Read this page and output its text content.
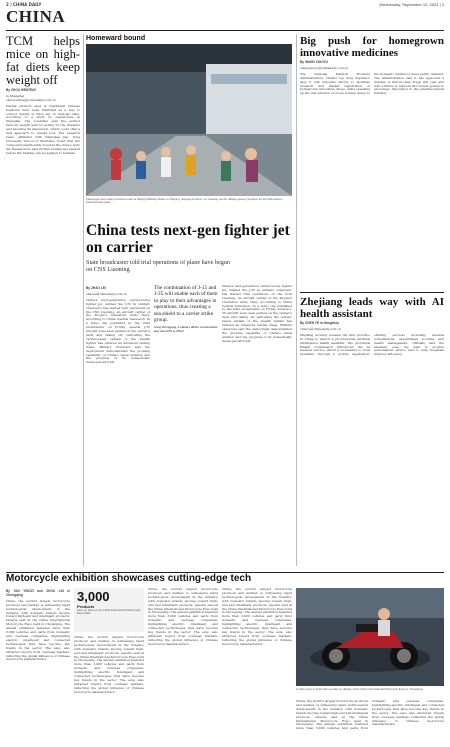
2 | CHINA DAILY	Wednesday, September 10, 2024 | 3
CHINA
TCM helps mice on high-fat diets keep weight off
By ZHOU WENTING
in Shanghai
zhouwenting@chinadaily.com.cn
Herbal extracts used in traditional Chinese medicine have been identified as a way to control obesity in mice fed on high-fat diets, according to a study by researchers in Shanghai. The scientists said the extract reduces weight gain by acting on the intestine and blocking fat absorption, which could offer a new approach to weight loss. The research team, affiliated with Shanghai Jiao Tong University School of Medicine, found that the compound significantly lowered the mice's body fat. Researchers said further studies are needed before the findings can be applied to humans.
Homeward bound
Passengers are ready to board a train at Nanjing Railway Station in Nanjing, Jiangsu province, on Tuesday, as the railway system prepares for the Mid-Autumn Festival travel peak.
China tests next-gen fighter jet on carrier
State broadcaster told trial operations of plane have begun on CNS Liaoning
By ZHAO LEI
zhaolei@chinadaily.com.cn
China's next-generation carrier-borne fighter jet, dubbed the J-35 by military observers, has started trial operations on the CNS Liaoning, an aircraft carrier of the People's Liberation Army Navy, according to China Central Television. In a video clip published by the state broadcaster on Friday, several J-35 aircraft were seen parked on the carrier's deck and taking off, indicating the carrier-based variant of the stealth fighter has entered an advanced testing stage. Military observers said the deployment demonstrated the growing capability of China's naval aviation and the progress of its domestically developed aircraft.
The combination of J-15 and J-35 will enable each of them to play to their advantages in operations, thus creating a sea shield to a carrier strike group.
Song Zhongping, a military affairs commentator and retired PLA officer
China's next-generation carrier-borne fighter jet, dubbed the J-35 by military observers, has started trial operations on the CNS Liaoning, an aircraft carrier of the People's Liberation Army Navy, according to China Central Television. In a video clip published by the state broadcaster on Friday, several J-35 aircraft were seen parked on the carrier's deck and taking off, indicating the carrier-based variant of the stealth fighter has entered an advanced testing stage. Military observers said the deployment demonstrated the growing capability of China's naval aviation and the progress of its domestically developed aircraft.
Big push for homegrown innovative medicines
By WANG XIAOYU
wangxiaoyu@chinadaily.com.cn
The National Medical Products Administration, China's top drug regulator, says it will redouble efforts to facilitate research and market registration of homegrown innovative drugs, while speeding up the introduction of novel foreign drugs to the domestic market to meet public demand. The administration said it has approved a number of first-in-class drugs this year and will continue to improve the review system to encourage innovation in the pharmaceutical industry.
Zhejiang leads way with AI health assistant
By CHEN YE in Hangzhou
chenye@chinadaily.com.cn
Zhejiang recently became the first province in China to launch a provincewide artificial intelligence health assistant. The provincial Health Commission introduced the AI medical service, which is accessible to local residents through a mobile application, offering services including medical consultations, appointment booking and health management. Officials said the assistant uses big data to provide personalized advice and to help hospitals improve efficiency.
Motorcycle exhibition showcases cutting-edge tech
By TAN YINGZI and ZHOU LIN in Chongqing
China, the world's largest motorcycle producer and market, is witnessing rapid technological development in the industry, with domestic brands moving toward high-end and intelligent products, experts said at the China International Motorcycle Expo held in Chongqing. The annual exhibition featured more than 3,000 vehicles and parts from domestic and overseas companies, highlighting electric, intelligent and connected technologies that have become key trends in the sector. The expo also attracted buyers from overseas markets, reflecting the global influence of Chinese motorcycle manufacturers.
3,000
Products
were on show at the China International Motorcycle Expo 2024
China, the world's largest motorcycle producer and market, is witnessing rapid technological development in the industry, with domestic brands moving toward high-end and intelligent products, experts said at the China International Motorcycle Expo held in Chongqing. The annual exhibition featured more than 3,000 vehicles and parts from domestic and overseas companies, highlighting electric, intelligent and connected technologies that have become key trends in the sector. The expo also attracted buyers from overseas markets, reflecting the global influence of Chinese motorcycle manufacturers.
China, the world's largest motorcycle producer and market, is witnessing rapid technological development in the industry, with domestic brands moving toward high-end and intelligent products, experts said at the China International Motorcycle Expo held in Chongqing. The annual exhibition featured more than 3,000 vehicles and parts from domestic and overseas companies, highlighting electric, intelligent and connected technologies that have become key trends in the sector. The expo also attracted buyers from overseas markets, reflecting the global influence of Chinese motorcycle manufacturers.
China, the world's largest motorcycle producer and market, is witnessing rapid technological development in the industry, with domestic brands moving toward high-end and intelligent products, experts said at the China International Motorcycle Expo held in Chongqing. The annual exhibition featured more than 3,000 vehicles and parts from domestic and overseas companies, highlighting electric, intelligent and connected technologies that have become key trends in the sector. The expo also attracted buyers from overseas markets, reflecting the global influence of Chinese motorcycle manufacturers.
A visitor gets to grips with a model on display at the China International Motorcycle Expo in Chongqing.
China, the world's largest motorcycle producer and market, is witnessing rapid technological development in the industry, with domestic brands moving toward high-end and intelligent products, experts said at the China International Motorcycle Expo held in Chongqing. The annual exhibition featured more than 3,000 vehicles and parts from domestic and overseas companies, highlighting electric, intelligent and connected technologies that have become key trends in the sector. The expo also attracted buyers from overseas markets, reflecting the global influence of Chinese motorcycle manufacturers.
